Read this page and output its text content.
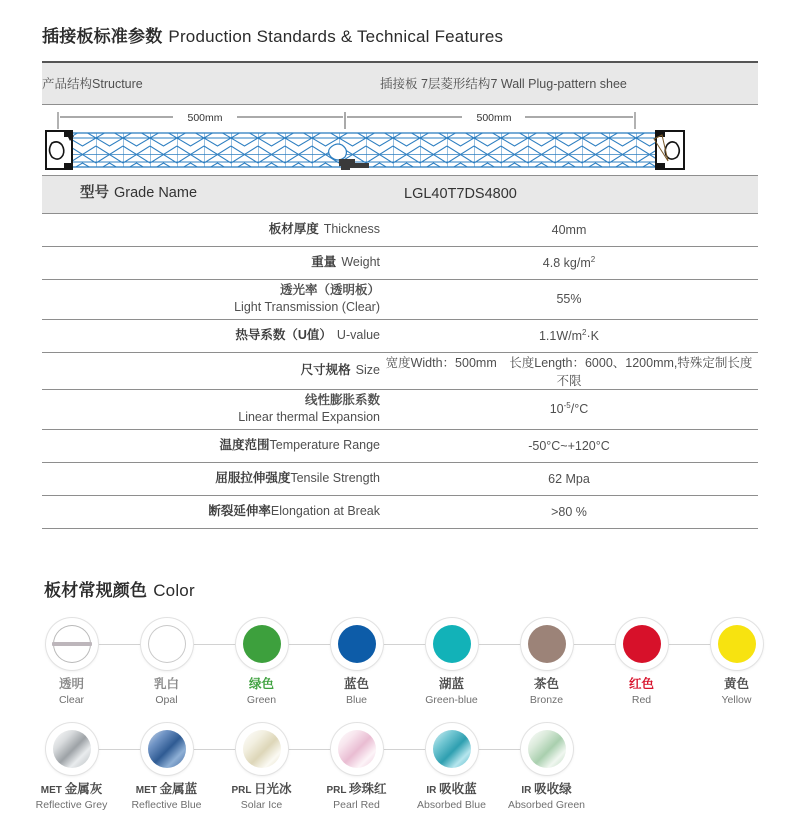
插接板标准参数 Production Standards & Technical Features
产品结构Structure	插接板 7层菱形结构7 Wall Plug-pattern shee

500mm 500mm	

型号 Grade Name	LGL40T7DS4800
板材厚度 Thickness	40mm
重量 Weight	4.8 $kg/m^2$

透光率（透明板）
Light Transmission (Clear)	55%
热导系数（U值） U-value	$1.1W/m^2\cdot K$
尺寸规格 Size	宽度Width：500mm　长度Length：6000、1200mm,特殊定制长度不限

线性膨胀系数
Linear thermal Expansion	$10^{-5}/^\circ C$
温度范围Temperature Range	-50°C~+120°C
屈服拉伸强度Tensile Strength	62 Mpa
断裂延伸率Elongation at Break	>80 %
板材常规颜色 Color
透明
Clear
乳白
Opal
绿色
Green
蓝色
Blue
湖蓝
Green-blue
茶色
Bronze
红色
Red
黄色
Yellow
MET 金属灰
Reflective Grey
MET 金属蓝
Reflective Blue
PRL 日光冰
Solar Ice
PRL 珍珠红
Pearl Red
IR 吸收蓝
Absorbed Blue
IR 吸收绿
Absorbed Green
